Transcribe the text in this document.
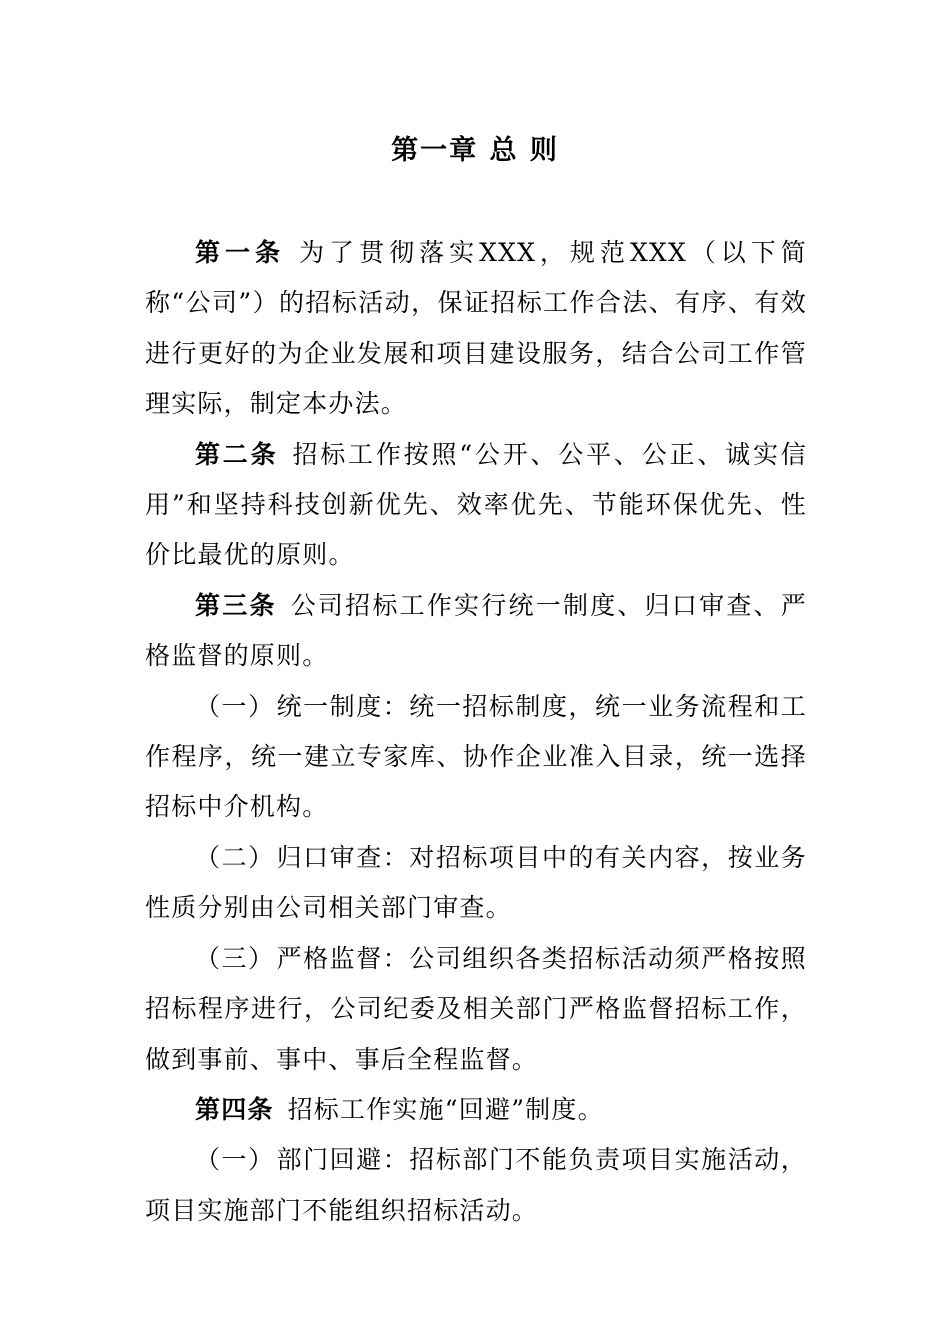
第一章 总 则

第一条 为了贯彻落实XXX，规范XXX（以下简称“公司”）的招标活动，保证招标工作合法、有序、有效进行更好的为企业发展和项目建设服务，结合公司工作管理实际，制定本办法。

第二条 招标工作按照“公开、公平、公正、诚实信用”和坚持科技创新优先、效率优先、节能环保优先、性价比最优的原则。

第三条 公司招标工作实行统一制度、归口审查、严格监督的原则。

（一）统一制度：统一招标制度，统一业务流程和工作程序，统一建立专家库、协作企业准入目录，统一选择招标中介机构。

（二）归口审查：对招标项目中的有关内容，按业务性质分别由公司相关部门审查。

（三）严格监督：公司组织各类招标活动须严格按照招标程序进行，公司纪委及相关部门严格监督招标工作，做到事前、事中、事后全程监督。

第四条 招标工作实施“回避”制度。

（一）部门回避：招标部门不能负责项目实施活动，项目实施部门不能组织招标活动。
